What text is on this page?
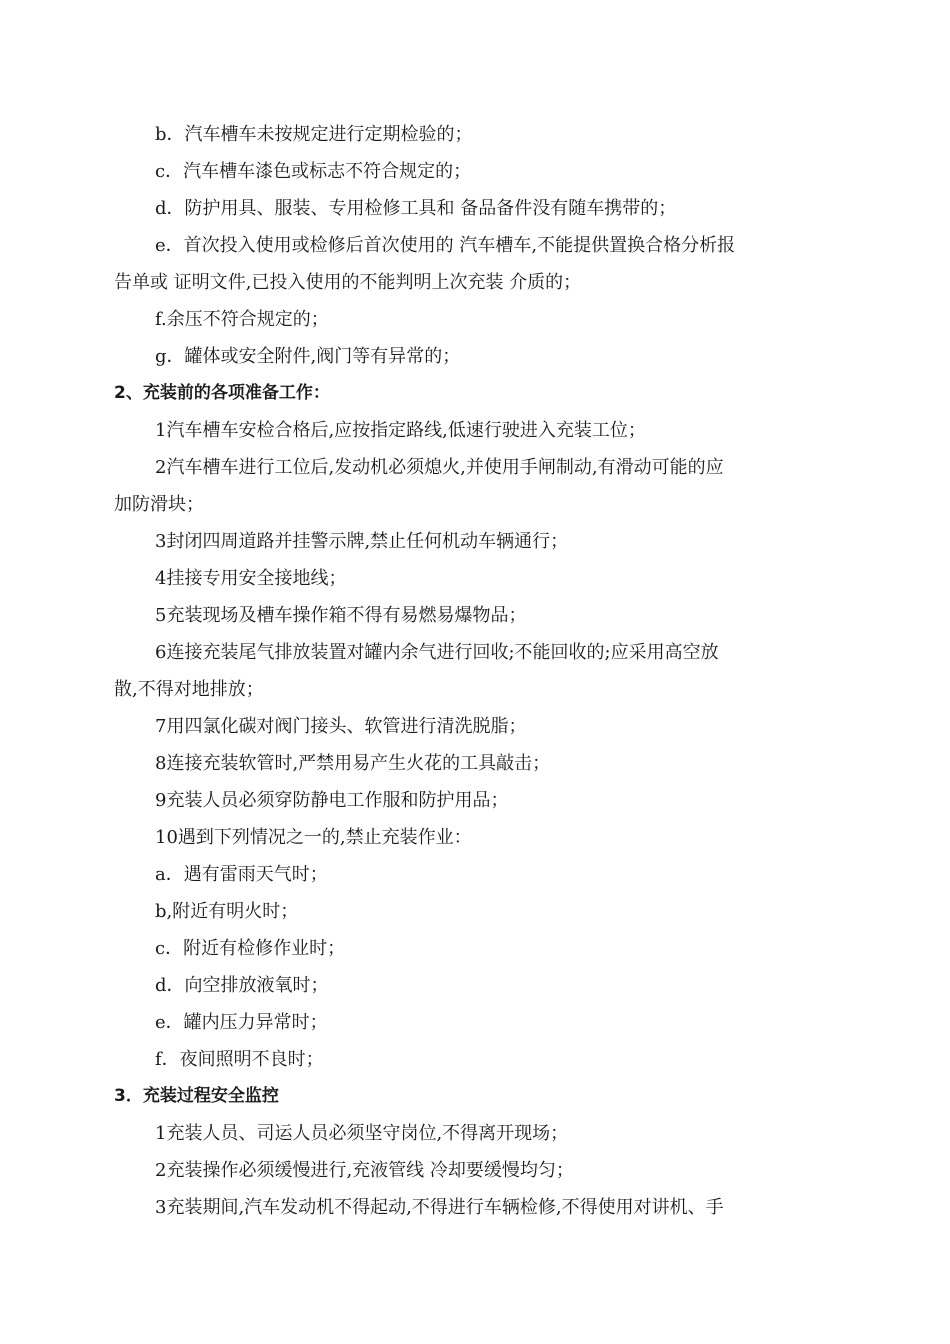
b．汽车槽车未按规定进行定期检验的；
c．汽车槽车漆色或标志不符合规定的；
d．防护用具、服装、专用检修工具和 备品备件没有随车携带的；
e．首次投入使用或检修后首次使用的 汽车槽车,不能提供置换合格分析报
告单或 证明文件,已投入使用的不能判明上次充装 介质的；
f.余压不符合规定的；
g．罐体或安全附件,阀门等有异常的；
2、充装前的各项准备工作：
1汽车槽车安检合格后,应按指定路线,低速行驶进入充装工位；
2汽车槽车进行工位后,发动机必须熄火,并使用手闸制动,有滑动可能的应
加防滑块；
3封闭四周道路并挂警示牌,禁止任何机动车辆通行；
4挂接专用安全接地线；
5充装现场及槽车操作箱不得有易燃易爆物品；
6连接充装尾气排放装置对罐内余气进行回收;不能回收的;应采用高空放
散,不得对地排放；
7用四氯化碳对阀门接头、软管进行清洗脱脂；
8连接充装软管时,严禁用易产生火花的工具敲击；
9充装人员必须穿防静电工作服和防护用品；
10遇到下列情况之一的,禁止充装作业：
a．遇有雷雨天气时；
b,附近有明火时；
c．附近有检修作业时；
d．向空排放液氧时；
e．罐内压力异常时；
f．夜间照明不良时；
3．充装过程安全监控
1充装人员、司运人员必须坚守岗位,不得离开现场；
2充装操作必须缓慢进行,充液管线 冷却要缓慢均匀；
3充装期间,汽车发动机不得起动,不得进行车辆检修,不得使用对讲机、手
